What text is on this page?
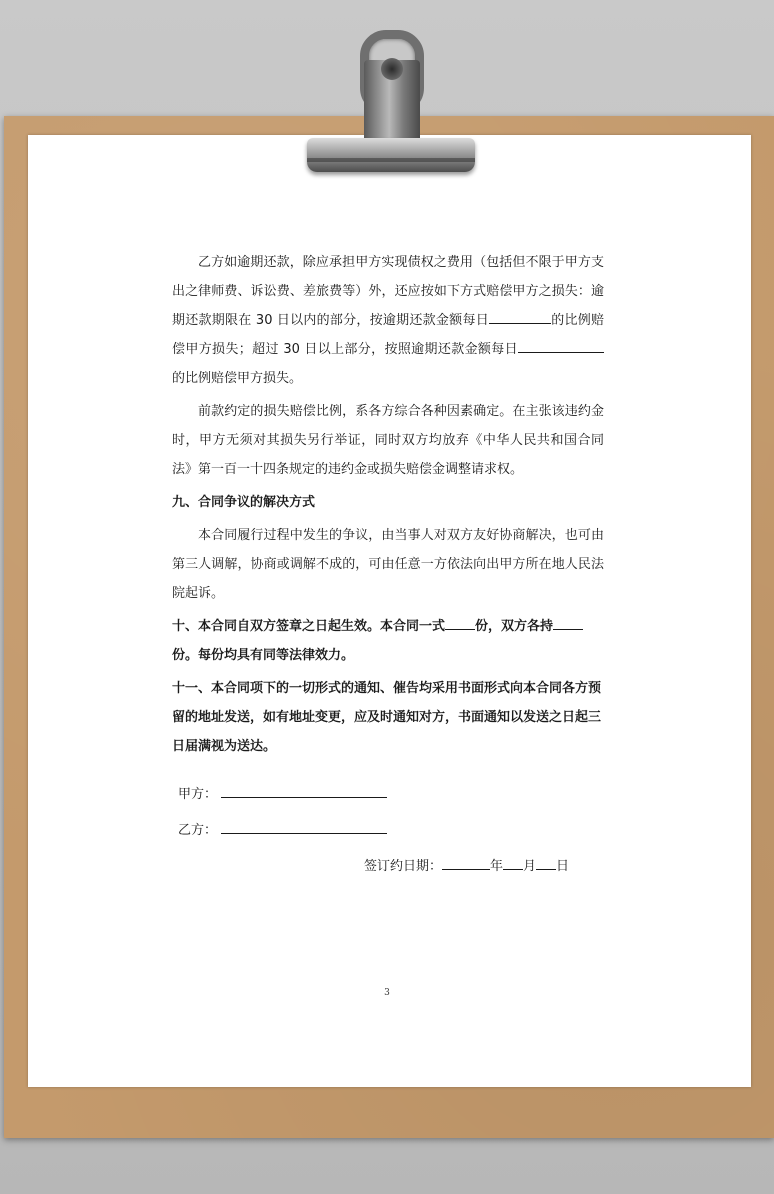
乙方如逾期还款，除应承担甲方实现债权之费用（包括但不限于甲方支出之律师费、诉讼费、差旅费等）外，还应按如下方式赔偿甲方之损失：逾期还款期限在 30 日以内的部分，按逾期还款金额每日	的比例赔偿甲方损失；超过 30 日以上部分，按照逾期还款金额每日的比例赔偿甲方损失。

前款约定的损失赔偿比例，系各方综合各种因素确定。在主张该违约金时，甲方无须对其损失另行举证，同时双方均放弃《中华人民共和国合同法》第一百一十四条规定的违约金或损失赔偿金调整请求权。

九、合同争议的解决方式

本合同履行过程中发生的争议，由当事人对双方友好协商解决，也可由第三人调解，协商或调解不成的，可由任意一方依法向出甲方所在地人民法院起诉。

十、本合同自双方签章之日起生效。本合同一式 份，双方各持份。每份均具有同等法律效力。

十一、本合同项下的一切形式的通知、催告均采用书面形式向本合同各方预留的地址发送，如有地址变更，应及时通知对方，书面通知以发送之日起三日届满视为送达。

甲方：
乙方：
签订约日期：	年 月 日
3
